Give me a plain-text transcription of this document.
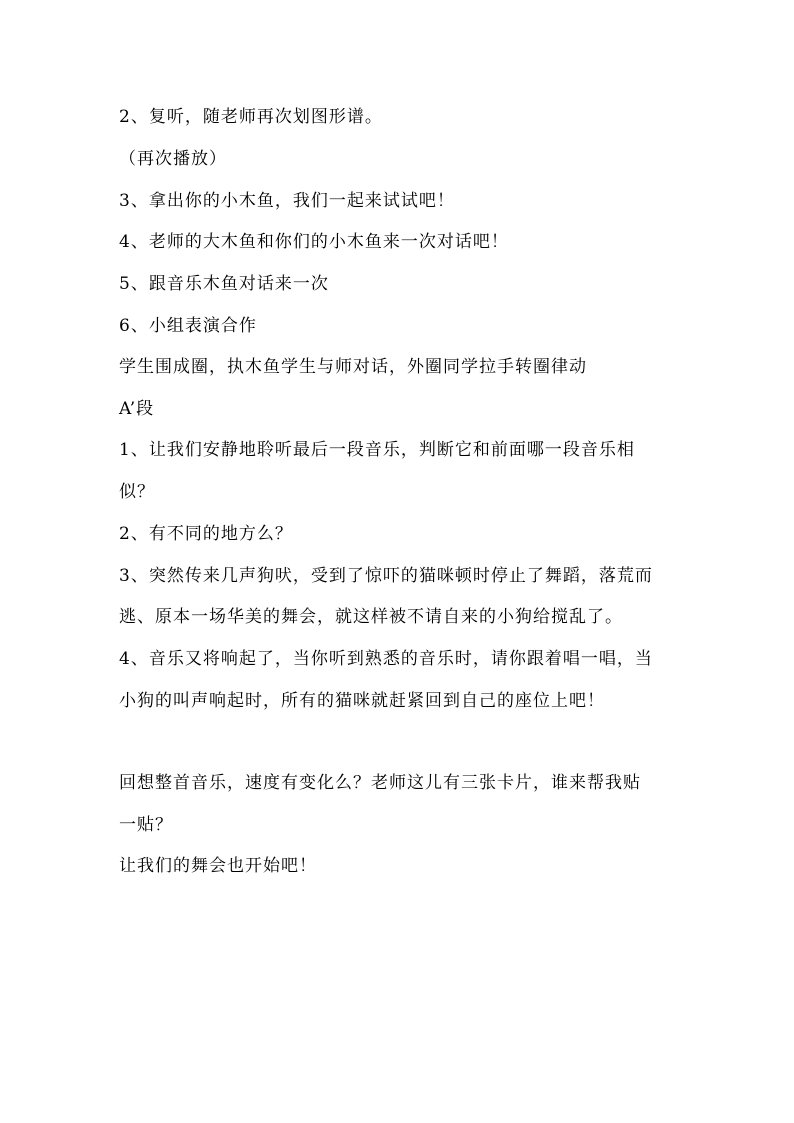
2、复听，随老师再次划图形谱。
（再次播放）
3、拿出你的小木鱼，我们一起来试试吧！
4、老师的大木鱼和你们的小木鱼来一次对话吧！
5、跟音乐木鱼对话来一次
6、小组表演合作
学生围成圈，执木鱼学生与师对话，外圈同学拉手转圈律动
A’段
1、让我们安静地聆听最后一段音乐，判断它和前面哪一段音乐相
似？
2、有不同的地方么？
3、突然传来几声狗吠，受到了惊吓的猫咪顿时停止了舞蹈，落荒而
逃、原本一场华美的舞会，就这样被不请自来的小狗给搅乱了。
4、音乐又将响起了，当你听到熟悉的音乐时，请你跟着唱一唱，当
小狗的叫声响起时，所有的猫咪就赶紧回到自己的座位上吧！
回想整首音乐，速度有变化么？老师这儿有三张卡片，谁来帮我贴
一贴？
让我们的舞会也开始吧！
